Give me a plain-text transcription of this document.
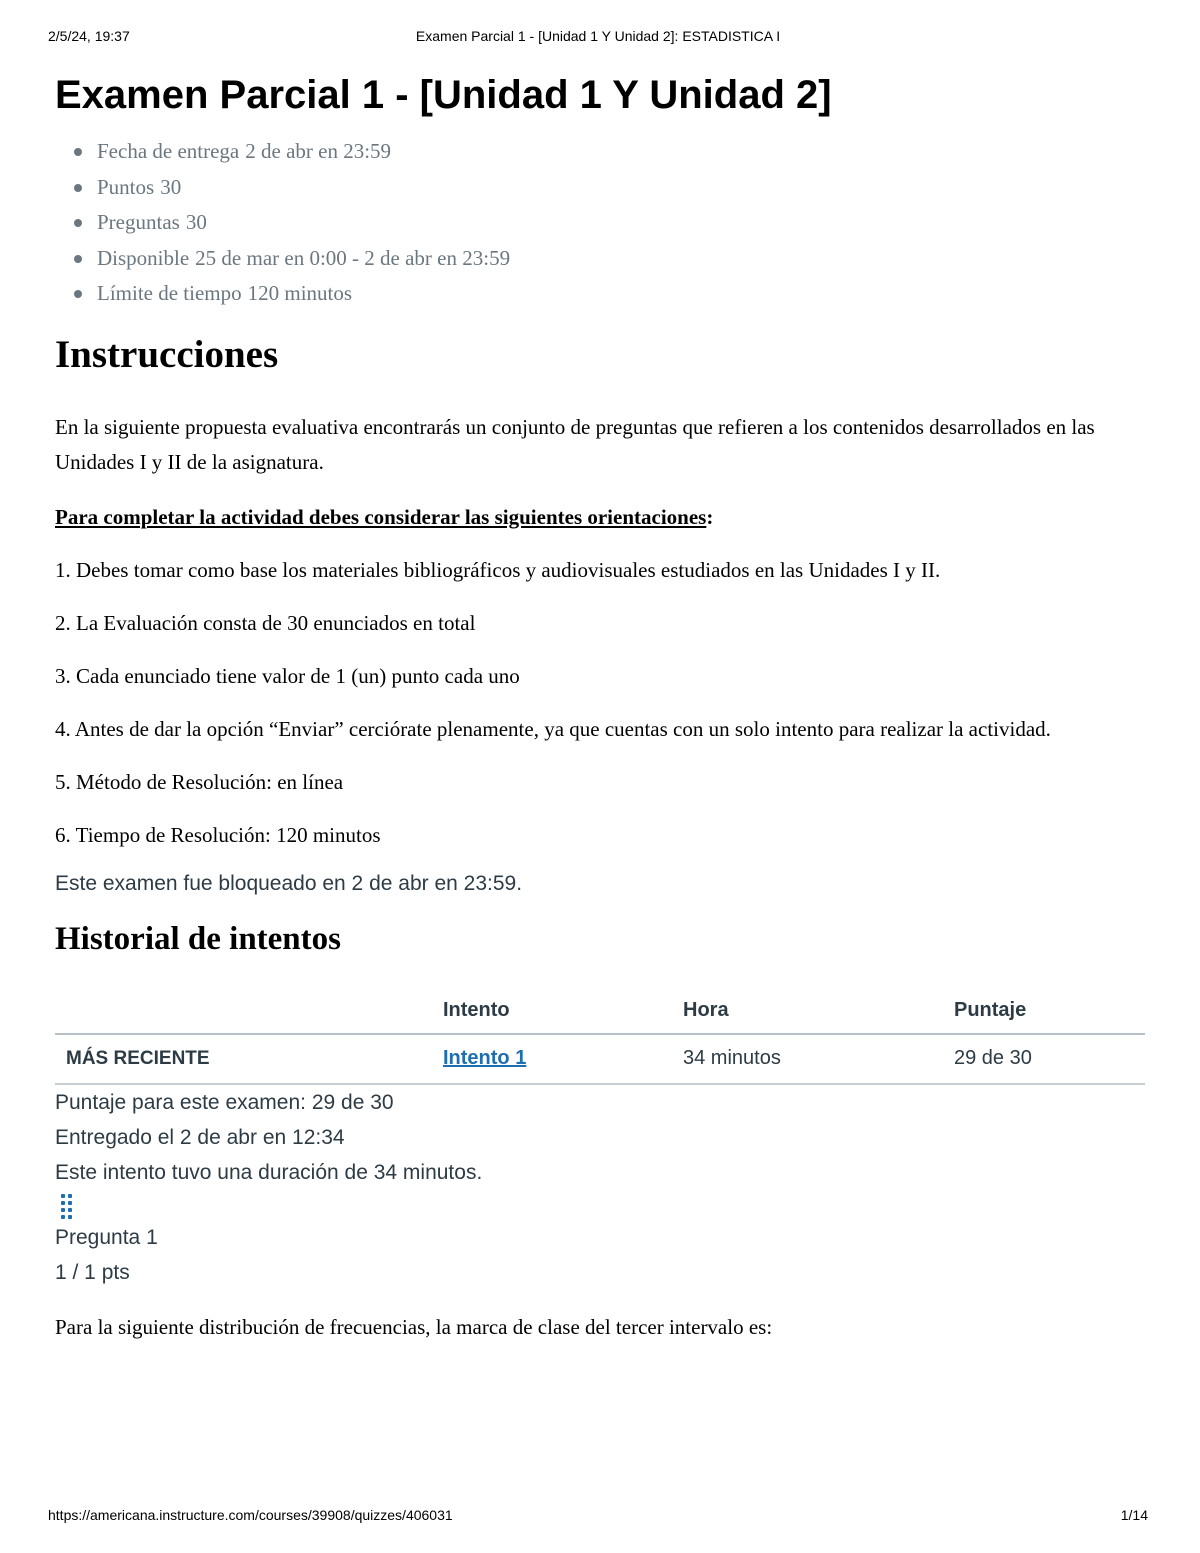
2/5/24, 19:37	Examen Parcial 1 - [Unidad 1 Y Unidad 2]: ESTADISTICA I
Examen Parcial 1 - [Unidad 1 Y Unidad 2]
Fecha de entrega 2 de abr en 23:59
Puntos 30
Preguntas 30
Disponible 25 de mar en 0:00 - 2 de abr en 23:59
Límite de tiempo 120 minutos
Instrucciones

En la siguiente propuesta evaluativa encontrarás un conjunto de preguntas que refieren a los contenidos desarrollados en las Unidades I y II de la asignatura.

Para completar la actividad debes considerar las siguientes orientaciones:

1. Debes tomar como base los materiales bibliográficos y audiovisuales estudiados en las Unidades I y II.

2. La Evaluación consta de 30 enunciados en total

3. Cada enunciado tiene valor de 1 (un) punto cada uno

4. Antes de dar la opción “Enviar” cerciórate plenamente, ya que cuentas con un solo intento para realizar la actividad.

5. Método de Resolución: en línea

6. Tiempo de Resolución: 120 minutos

Este examen fue bloqueado en 2 de abr en 23:59.
Historial de intentos
	Intento	Hora	Puntaje
MÁS RECIENTE	Intento 1	34 minutos	29 de 30
Puntaje para este examen: 29 de 30
Entregado el 2 de abr en 12:34
Este intento tuvo una duración de 34 minutos.
Pregunta 1
1 / 1 pts
Para la siguiente distribución de frecuencias, la marca de clase del tercer intervalo es:
https://americana.instructure.com/courses/39908/quizzes/406031	1/14
